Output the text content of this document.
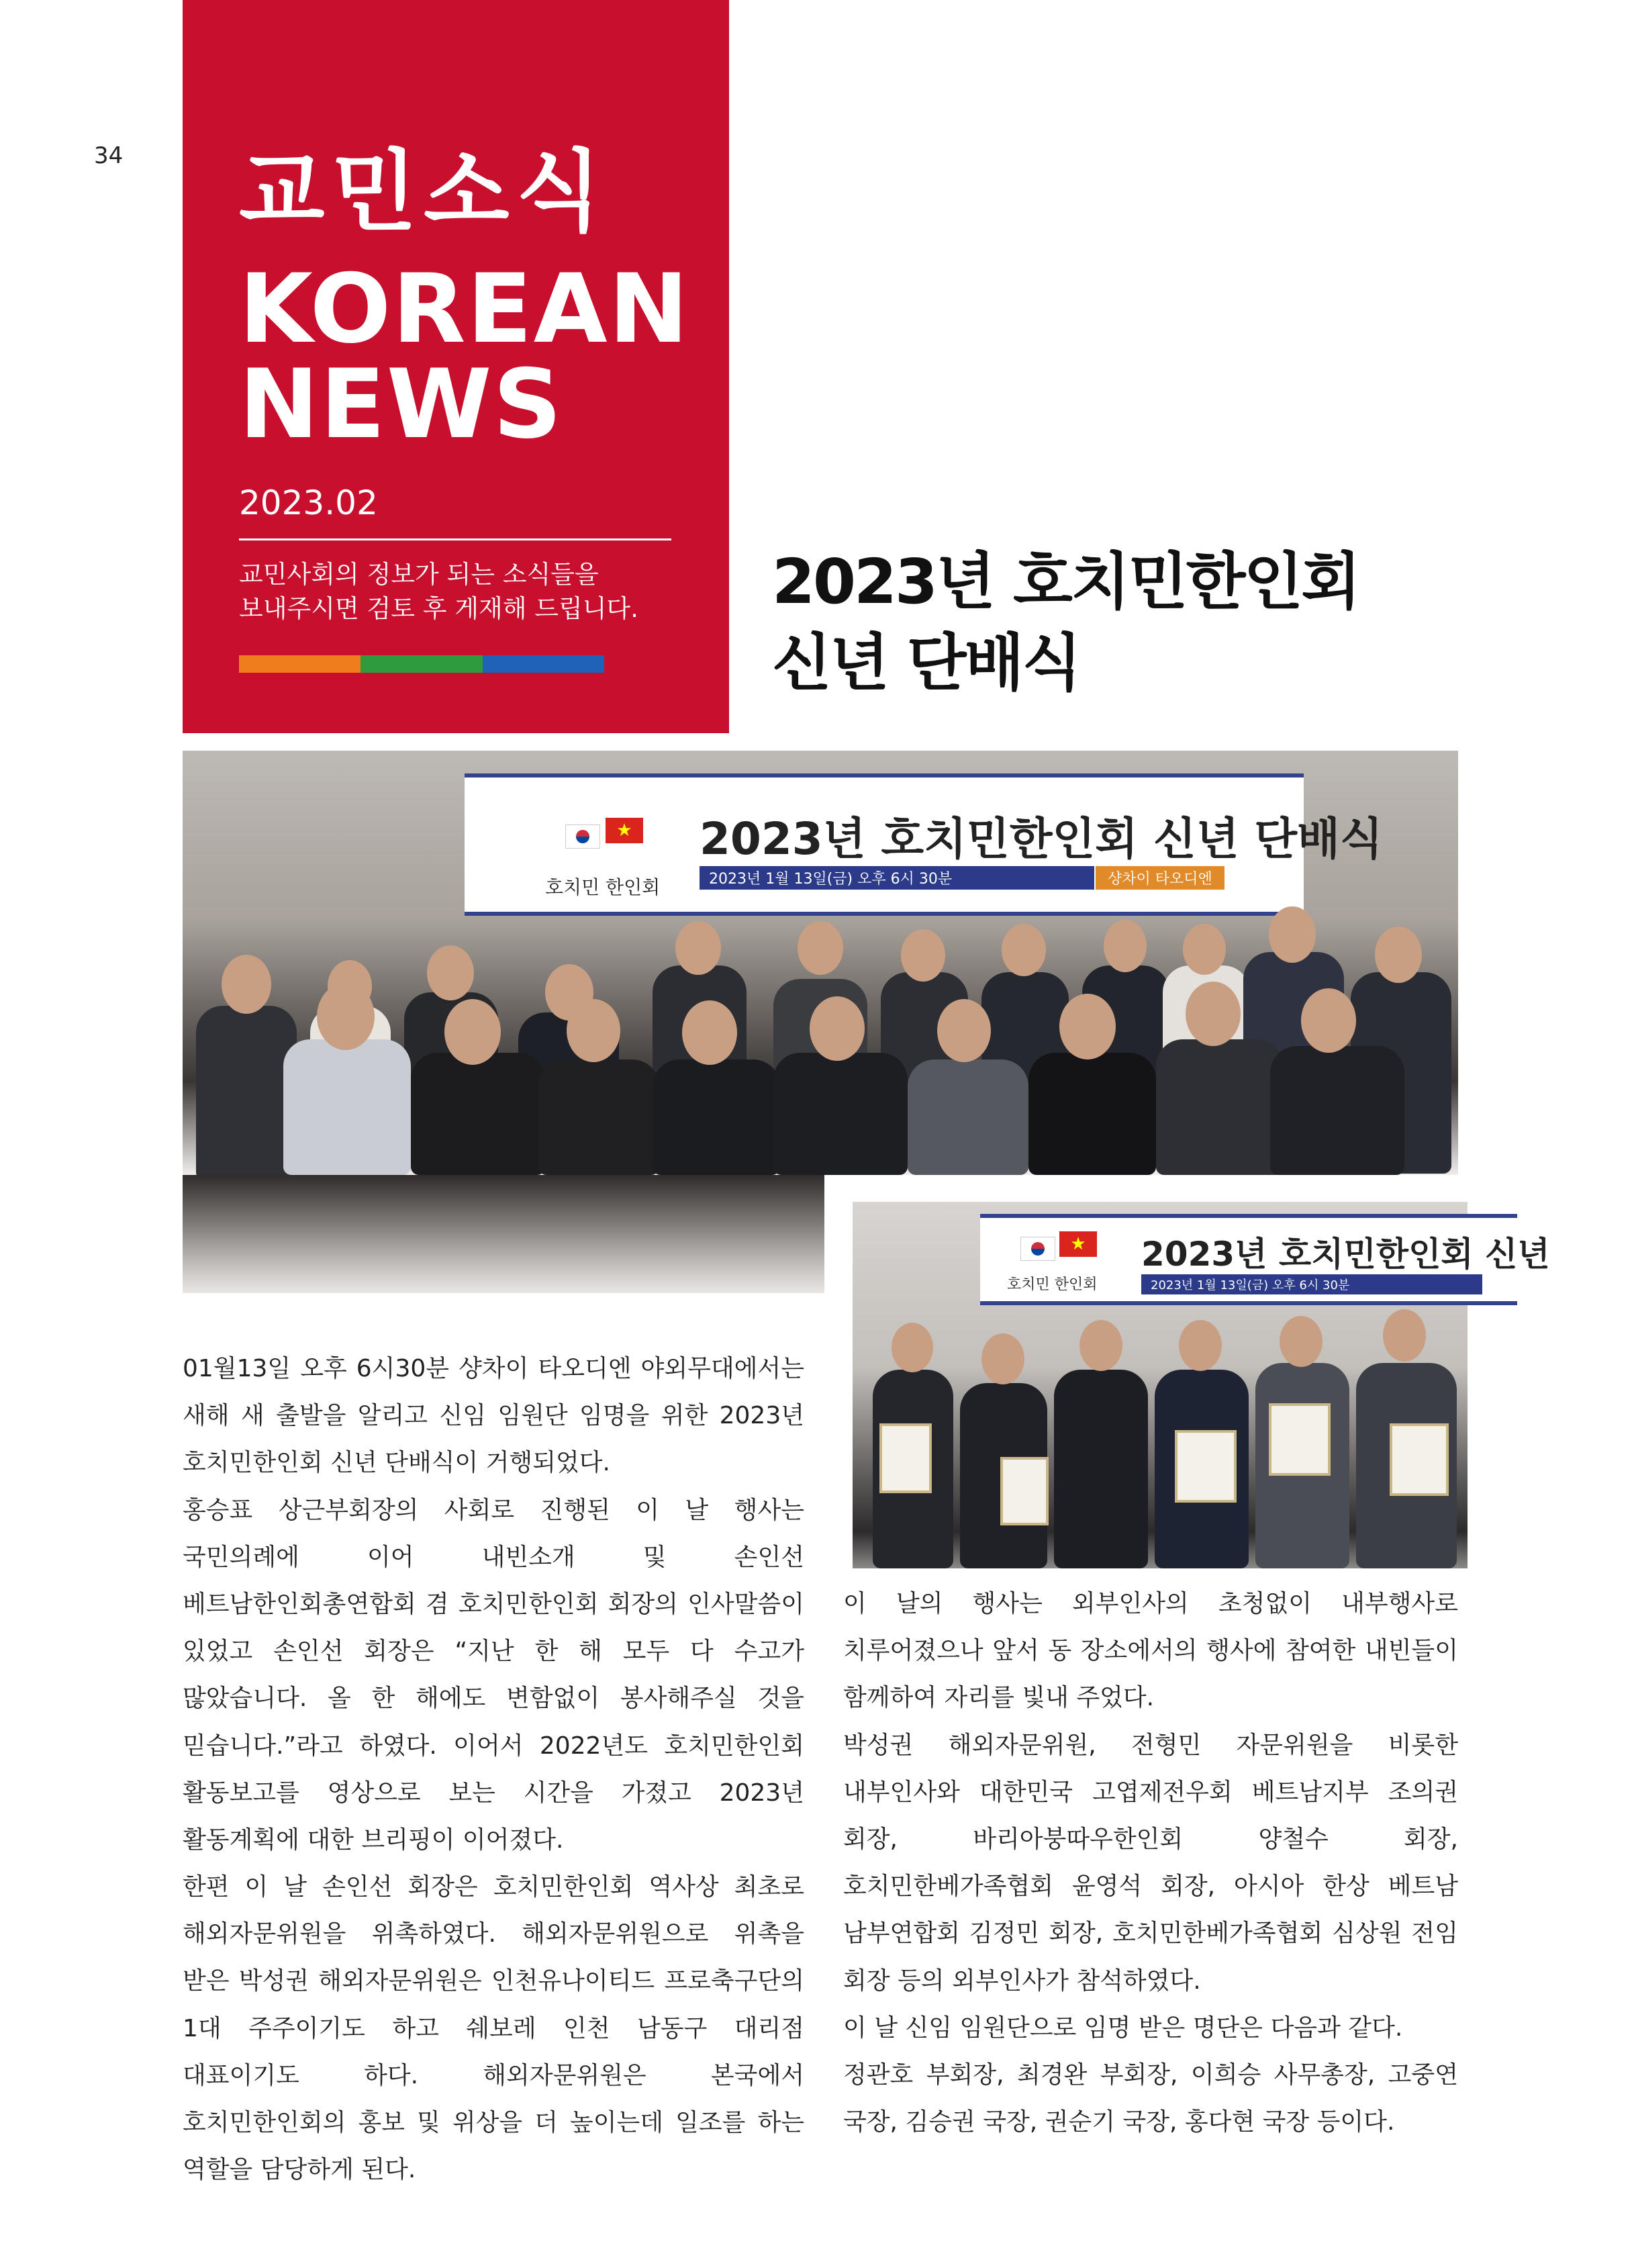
34 교민소식
KOREAN
NEWS
2023.02
교민사회의 정보가 되는 소식들을
보내주시면 검토 후 게재해 드립니다.	2023년 호치민한인회
신년 단배식
★
호치민 한인회
2023년 호치민한인회 신년 단배식
2023년 1월 13일(금) 오후 6시 30분	샹차이 타오디엔
★
호치민 한인회
2023년 호치민한인회 신년
2023년 1월 13일(금) 오후 6시 30분

01월13일 오후 6시30분 샹차이 타오디엔 야외무대에서는 새해 새 출발을 알리고 신임 임원단 임명을 위한 2023년 호치민한인회 신년 단배식이 거행되었다.

홍승표 상근부회장의 사회로 진행된 이 날 행사는 국민의례에 이어 내빈소개 및 손인선 베트남한인회총연합회 겸 호치민한인회 회장의 인사말씀이 있었고 손인선 회장은 “지난 한 해 모두 다 수고가 많았습니다. 올 한 해에도 변함없이 봉사해주실 것을 믿습니다.”라고 하였다. 이어서 2022년도 호치민한인회 활동보고를 영상으로 보는 시간을 가졌고 2023년 활동계획에 대한 브리핑이 이어졌다.

한편 이 날 손인선 회장은 호치민한인회 역사상 최초로 해외자문위원을 위촉하였다. 해외자문위원으로 위촉을 받은 박성권 해외자문위원은 인천유나이티드 프로축구단의 1대 주주이기도 하고 쉐보레 인천 남동구 대리점 대표이기도 하다. 해외자문위원은 본국에서 호치민한인회의 홍보 및 위상을 더 높이는데 일조를 하는 역할을 담당하게 된다.

이 날의 행사는 외부인사의 초청없이 내부행사로 치루어졌으나 앞서 동 장소에서의 행사에 참여한 내빈들이 함께하여 자리를 빛내 주었다.

박성권 해외자문위원, 전형민 자문위원을 비롯한 내부인사와 대한민국 고엽제전우회 베트남지부 조의권 회장, 바리아붕따우한인회 양철수 회장, 호치민한베가족협회 윤영석 회장, 아시아 한상 베트남 남부연합회 김정민 회장, 호치민한베가족협회 심상원 전임 회장 등의 외부인사가 참석하였다.

이 날 신임 임원단으로 임명 받은 명단은 다음과 같다.

정관호 부회장, 최경완 부회장, 이희승 사무총장, 고중연 국장, 김승권 국장, 권순기 국장, 홍다현 국장 등이다.
